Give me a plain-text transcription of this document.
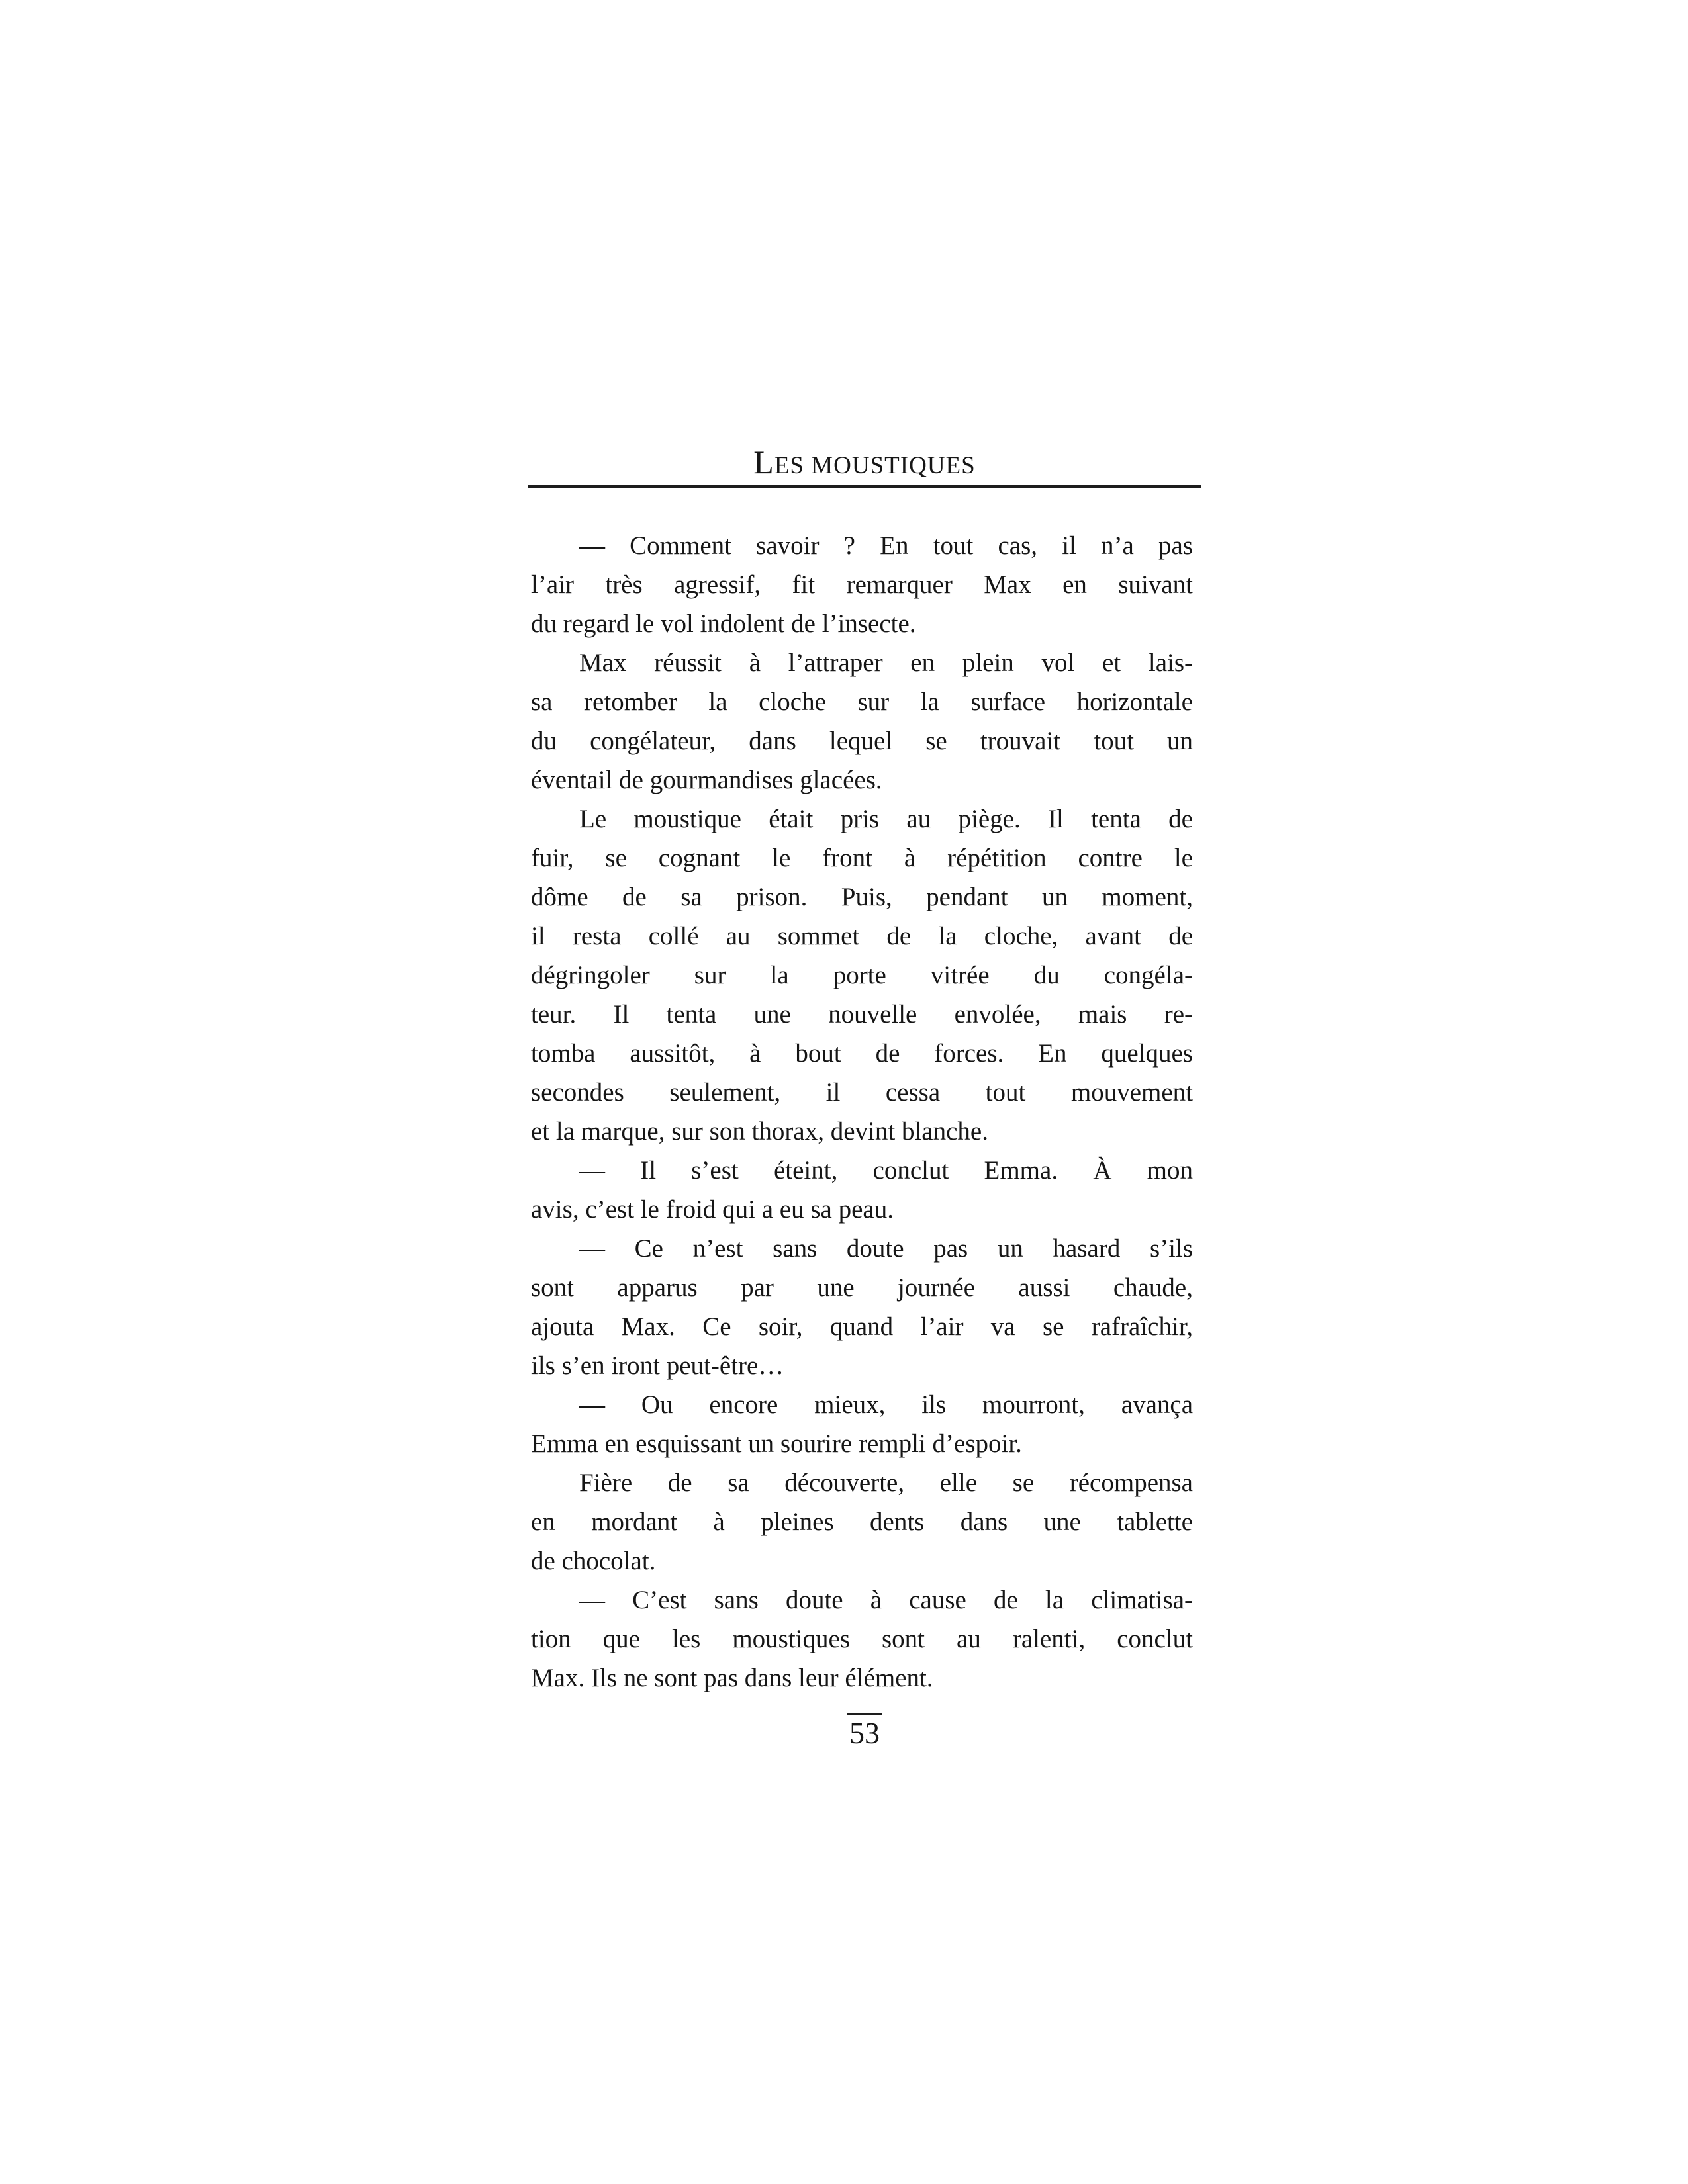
LES MOUSTIQUES
— Comment savoir ? En tout cas, il n’a pas
l’air très agressif, fit remarquer Max en suivant
du regard le vol indolent de l’insecte.
Max réussit à l’attraper en plein vol et lais-
sa retomber la cloche sur la surface horizontale
du congélateur, dans lequel se trouvait tout un
éventail de gourmandises glacées.
Le moustique était pris au piège. Il tenta de
fuir, se cognant le front à répétition contre le
dôme de sa prison. Puis, pendant un moment,
il resta collé au sommet de la cloche, avant de
dégringoler sur la porte vitrée du congéla-
teur. Il tenta une nouvelle envolée, mais re-
tomba aussitôt, à bout de forces. En quelques
secondes seulement, il cessa tout mouvement
et la marque, sur son thorax, devint blanche.
— Il s’est éteint, conclut Emma. À mon
avis, c’est le froid qui a eu sa peau.
— Ce n’est sans doute pas un hasard s’ils
sont apparus par une journée aussi chaude,
ajouta Max. Ce soir, quand l’air va se rafraîchir,
ils s’en iront peut-être…
— Ou encore mieux, ils mourront, avança
Emma en esquissant un sourire rempli d’espoir.
Fière de sa découverte, elle se récompensa
en mordant à pleines dents dans une tablette
de chocolat.
— C’est sans doute à cause de la climatisa-
tion que les moustiques sont au ralenti, conclut
Max. Ils ne sont pas dans leur élément.
53
